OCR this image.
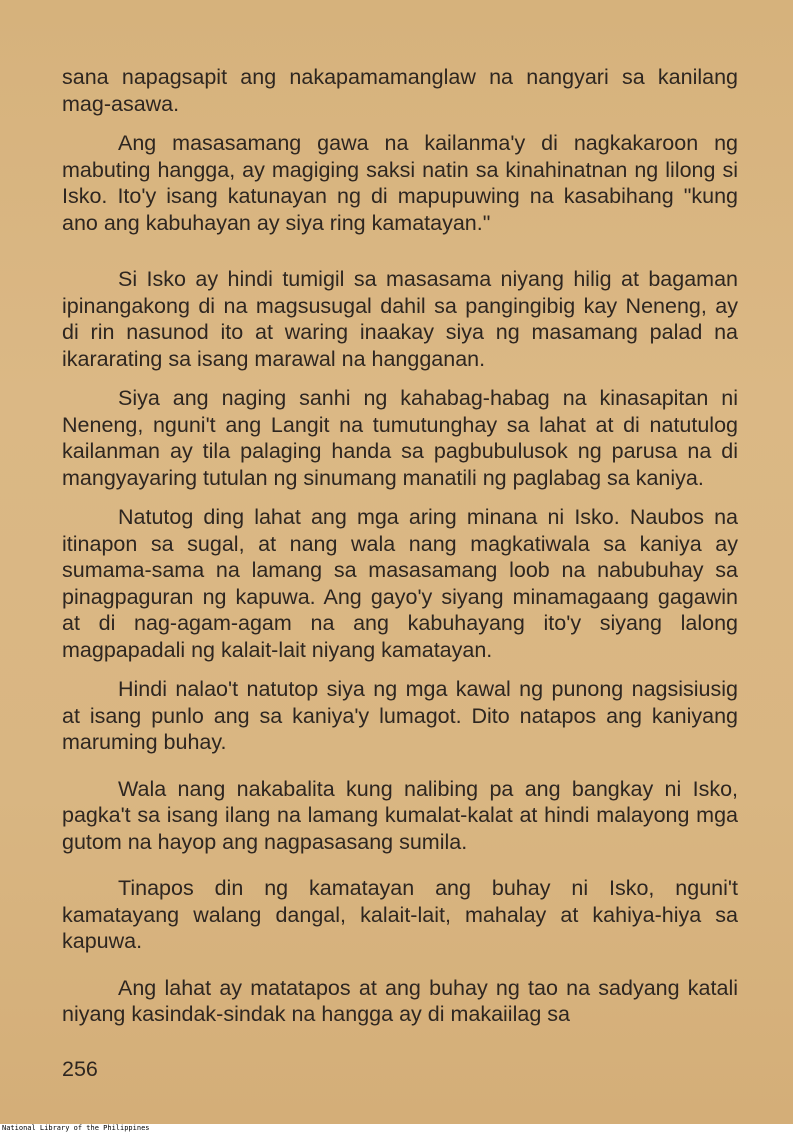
sana napagsapit ang nakapamamanglaw na nangyari sa kanilang mag-asawa.

Ang masasamang gawa na kailanma'y di nagkakaroon ng mabuting hangga, ay magiging saksi natin sa kinahinatnan ng lilong si Isko. Ito'y isang katunayan ng di mapupuwing na kasabihang "kung ano ang kabuhayan ay siya ring kamatayan."

Si Isko ay hindi tumigil sa masasama niyang hilig at bagaman ipinangakong di na magsusugal dahil sa pangingibig kay Neneng, ay di rin nasunod ito at waring inaakay siya ng masamang palad na ikararating sa isang marawal na hangganan.

Siya ang naging sanhi ng kahabag-habag na kinasapitan ni Neneng, nguni't ang Langit na tumutunghay sa lahat at di natutulog kailanman ay tila palaging handa sa pagbubulusok ng parusa na di mangyayaring tutulan ng sinumang manatili ng paglabag sa kaniya.

Natutog ding lahat ang mga aring minana ni Isko. Naubos na itinapon sa sugal, at nang wala nang magkatiwala sa kaniya ay sumama-sama na lamang sa masasamang loob na nabubuhay sa pinagpaguran ng kapuwa. Ang gayo'y siyang minamagaang gagawin at di nag-agam-agam na ang kabuhayang ito'y siyang lalong magpapadali ng kalait-lait niyang kamatayan.

Hindi nalao't natutop siya ng mga kawal ng punong nagsisiusig at isang punlo ang sa kaniya'y lumagot. Dito natapos ang kaniyang maruming buhay.

Wala nang nakabalita kung nalibing pa ang bangkay ni Isko, pagka't sa isang ilang na lamang kumalat-kalat at hindi malayong mga gutom na hayop ang nagpasasang sumila.

Tinapos din ng kamatayan ang buhay ni Isko, nguni't kamatayang walang dangal, kalait-lait, mahalay at kahiya-hiya sa kapuwa.

Ang lahat ay matatapos at ang buhay ng tao na sadyang katali niyang kasindak-sindak na hangga ay di makaiilag sa

256
National Library of the Philippines
